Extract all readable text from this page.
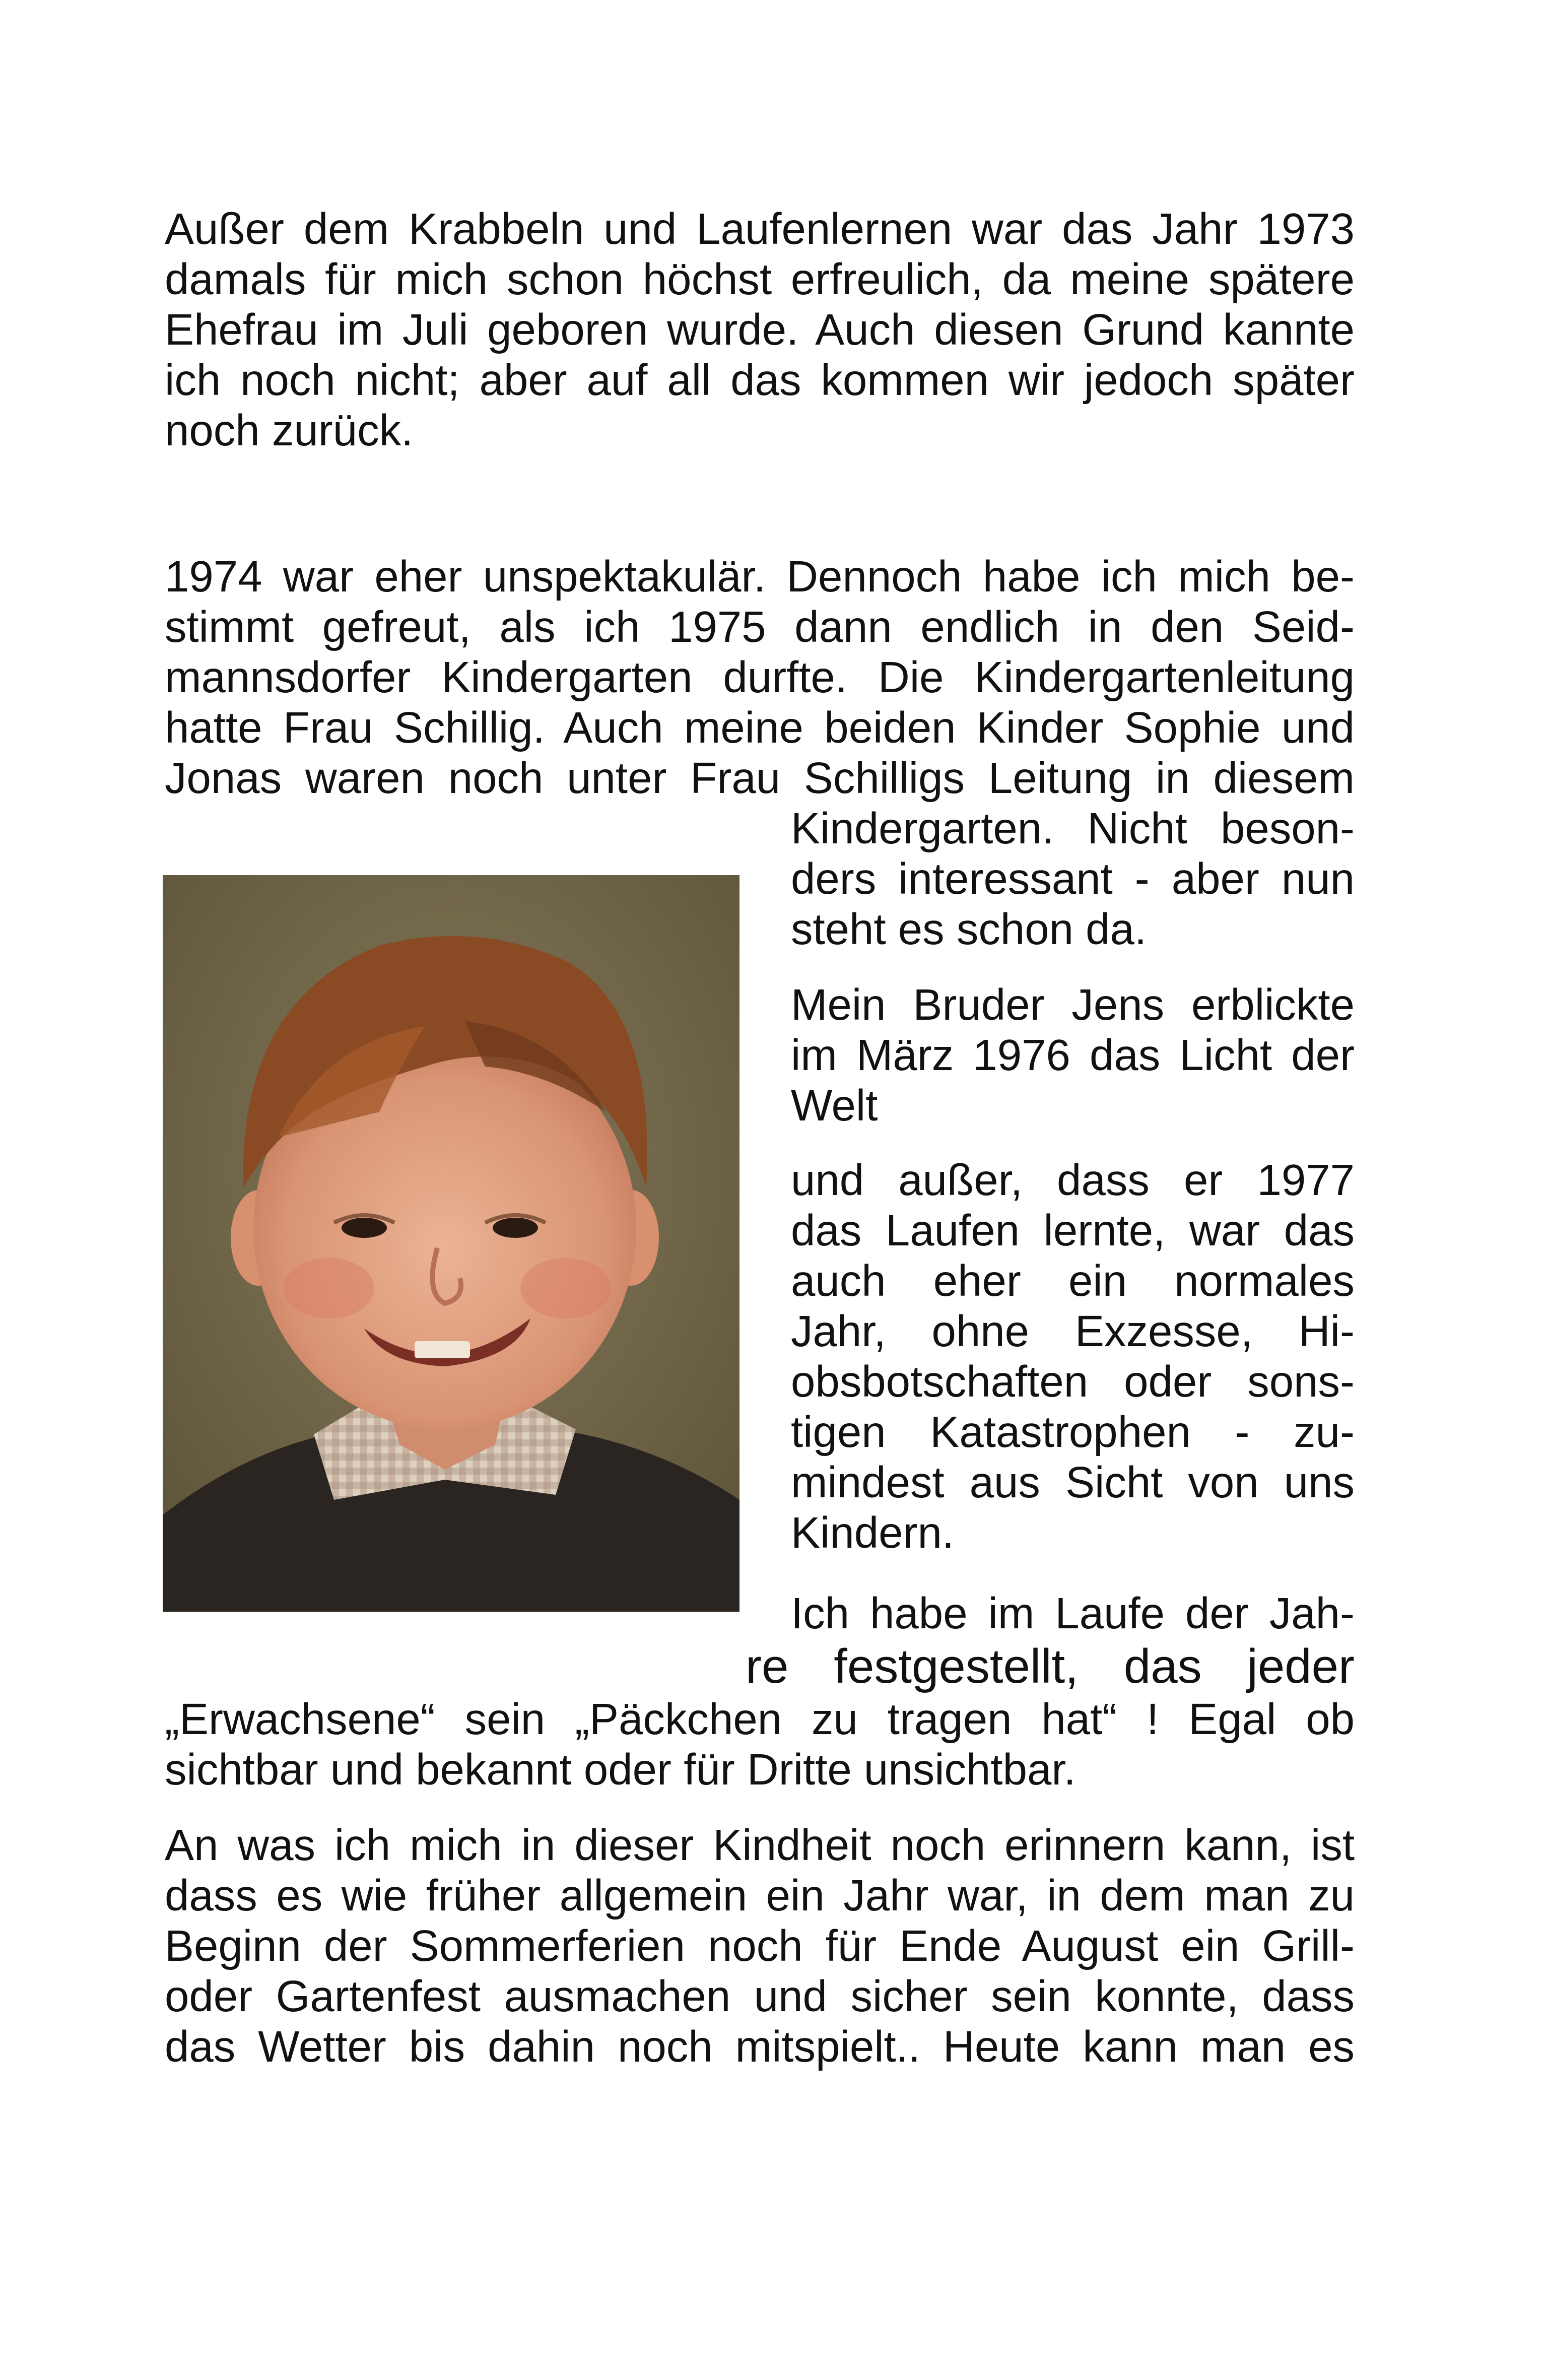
Außer dem Krabbeln und Laufenlernen war das Jahr 1973
damals für mich schon höchst erfreulich, da meine spätere
Ehefrau im Juli geboren wurde. Auch diesen Grund kannte
ich noch nicht; aber auf all das kommen wir jedoch später
noch zurück.
1974 war eher unspektakulär. Dennoch habe ich mich be-
stimmt gefreut, als ich 1975 dann endlich in den Seid-
mannsdorfer Kindergarten durfte. Die Kindergartenleitung
hatte Frau Schillig. Auch meine beiden Kinder Sophie und
Jonas waren noch unter Frau Schilligs Leitung in diesem
Kindergarten. Nicht beson-
ders interessant - aber nun
steht es schon da.
Mein Bruder Jens erblickte
im März 1976 das Licht der
Welt
und außer, dass er 1977
das Laufen lernte, war das
auch eher ein normales
Jahr, ohne Exzesse, Hi-
obsbotschaften oder sons-
tigen Katastrophen - zu-
mindest aus Sicht von uns
Kindern.
Ich habe im Laufe der Jah-
re festgestellt, das jeder
„Erwachsene“ sein „Päckchen zu tragen hat“ ! Egal ob
sichtbar und bekannt oder für Dritte unsichtbar.
An was ich mich in dieser Kindheit noch erinnern kann, ist
dass es wie früher allgemein ein Jahr war, in dem man zu
Beginn der Sommerferien noch für Ende August ein Grill-
oder Gartenfest ausmachen und sicher sein konnte, dass
das Wetter bis dahin noch mitspielt.. Heute kann man es
